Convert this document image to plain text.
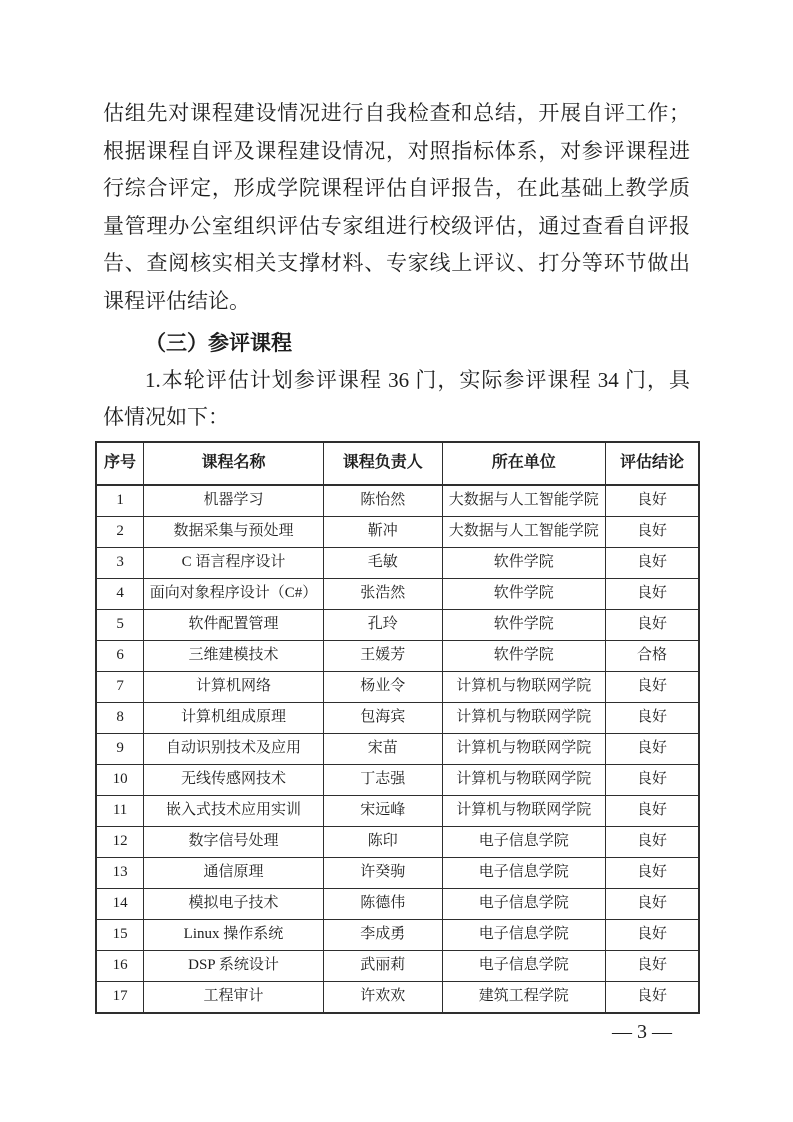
估组先对课程建设情况进行自我检查和总结，开展自评工作；
根据课程自评及课程建设情况，对照指标体系，对参评课程进
行综合评定，形成学院课程评估自评报告，在此基础上教学质
量管理办公室组织评估专家组进行校级评估，通过查看自评报
告、查阅核实相关支撑材料、专家线上评议、打分等环节做出
课程评估结论。
（三）参评课程
1.本轮评估计划参评课程 36 门，实际参评课程 34 门，具
体情况如下：
序号	课程名称	课程负责人	所在单位	评估结论
1	机器学习	陈怡然	大数据与人工智能学院	良好
2	数据采集与预处理	靳冲	大数据与人工智能学院	良好
3	C 语言程序设计	毛敏	软件学院	良好
4	面向对象程序设计（C#）	张浩然	软件学院	良好
5	软件配置管理	孔玲	软件学院	良好
6	三维建模技术	王媛芳	软件学院	合格
7	计算机网络	杨业令	计算机与物联网学院	良好
8	计算机组成原理	包海宾	计算机与物联网学院	良好
9	自动识别技术及应用	宋苗	计算机与物联网学院	良好
10	无线传感网技术	丁志强	计算机与物联网学院	良好
11	嵌入式技术应用实训	宋远峰	计算机与物联网学院	良好
12	数字信号处理	陈印	电子信息学院	良好
13	通信原理	许癸驹	电子信息学院	良好
14	模拟电子技术	陈德伟	电子信息学院	良好
15	Linux 操作系统	李成勇	电子信息学院	良好
16	DSP 系统设计	武丽莉	电子信息学院	良好
17	工程审计	许欢欢	建筑工程学院	良好
— 3 —
